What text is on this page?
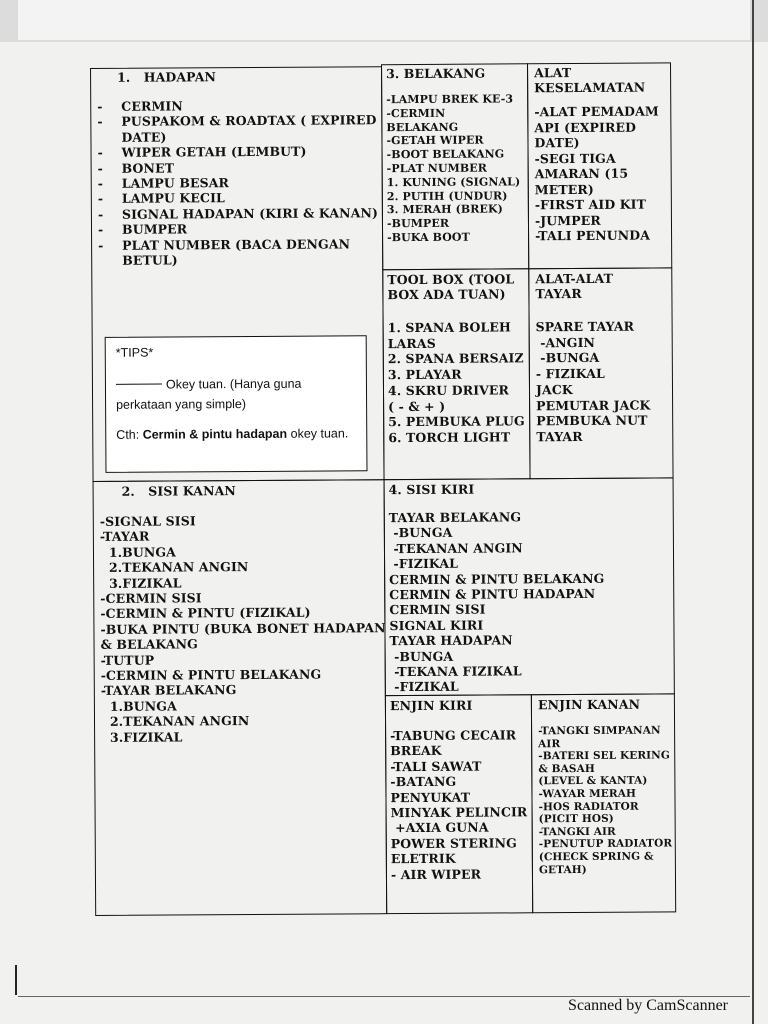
1.   HADAPAN
- CERMIN
- PUSPAKOM & ROADTAX ( EXPIRED
DATE)
- WIPER GETAH (LEMBUT)
- BONET
- LAMPU BESAR
- LAMPU KECIL
- SIGNAL HADAPAN (KIRI & KANAN)
- BUMPER
- PLAT NUMBER (BACA DENGAN
BETUL)
*TIPS*
Okey tuan. (Hanya guna
perkataan yang simple)
Cth: Cermin & pintu hadapan okey tuan.
3. BELAKANG
-LAMPU BREK KE-3
-CERMIN
BELAKANG
-GETAH WIPER
-BOOT BELAKANG
-PLAT NUMBER
1. KUNING (SIGNAL)
2. PUTIH (UNDUR)
3. MERAH (BREK)
-BUMPER
-BUKA BOOT
ALAT
KESELAMATAN
-ALAT PEMADAM
API (EXPIRED
DATE)
-SEGI TIGA
AMARAN (15
METER)
-FIRST AID KIT
-JUMPER
-TALI PENUNDA
TOOL BOX (TOOL
BOX ADA TUAN)
1. SPANA BOLEH
LARAS
2. SPANA BERSAIZ
3. PLAYAR
4. SKRU DRIVER
( - & + )
5. PEMBUKA PLUG
6. TORCH LIGHT
ALAT-ALAT
TAYAR
SPARE TAYAR
-ANGIN
-BUNGA
- FIZIKAL
JACK
PEMUTAR JACK
PEMBUKA NUT
TAYAR
2.   SISI KANAN
-SIGNAL SISI
-TAYAR
1.BUNGA
2.TEKANAN ANGIN
3.FIZIKAL
-CERMIN SISI
-CERMIN & PINTU (FIZIKAL)
-BUKA PINTU (BUKA BONET HADAPAN
& BELAKANG
-TUTUP
-CERMIN & PINTU BELAKANG
-TAYAR BELAKANG
1.BUNGA
2.TEKANAN ANGIN
3.FIZIKAL
4. SISI KIRI
TAYAR BELAKANG
-BUNGA
-TEKANAN ANGIN
-FIZIKAL
CERMIN & PINTU BELAKANG
CERMIN & PINTU HADAPAN
CERMIN SISI
SIGNAL KIRI
TAYAR HADAPAN
-BUNGA
-TEKANA FIZIKAL
-FIZIKAL
ENJIN KIRI
-TABUNG CECAIR
BREAK
-TALI SAWAT
-BATANG
PENYUKAT
MINYAK PELINCIR
+AXIA GUNA
POWER STERING
ELETRIK
- AIR WIPER
ENJIN KANAN
-TANGKI SIMPANAN
AIR
-BATERI SEL KERING
& BASAH
(LEVEL & KANTA)
-WAYAR MERAH
-HOS RADIATOR
(PICIT HOS)
-TANGKI AIR
-PENUTUP RADIATOR
(CHECK SPRING &
GETAH)
Scanned by CamScanner
